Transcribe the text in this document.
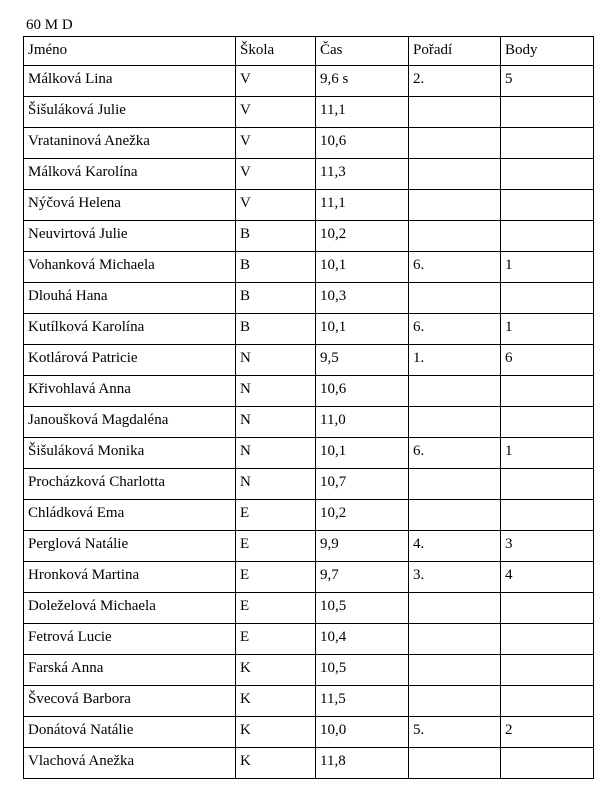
60 M D
Jméno	Škola	Čas	Pořadí	Body
Málková Lina	V	9,6 s	2.	5
Šišuláková Julie	V	11,1		
Vrataninová Anežka	V	10,6		
Málková Karolína	V	11,3		
Nýčová Helena	V	11,1		
Neuvirtová Julie	B	10,2		
Vohanková Michaela	B	10,1	6.	1
Dlouhá Hana	B	10,3		
Kutílková Karolína	B	10,1	6.	1
Kotlárová Patricie	N	9,5	1.	6
Křivohlavá Anna	N	10,6		
Janoušková Magdaléna	N	11,0		
Šišuláková Monika	N	10,1	6.	1
Procházková Charlotta	N	10,7		
Chládková Ema	E	10,2		
Perglová Natálie	E	9,9	4.	3
Hronková Martina	E	9,7	3.	4
Doleželová Michaela	E	10,5		
Fetrová Lucie	E	10,4		
Farská Anna	K	10,5		
Švecová Barbora	K	11,5		
Donátová Natálie	K	10,0	5.	2
Vlachová Anežka	K	11,8		
